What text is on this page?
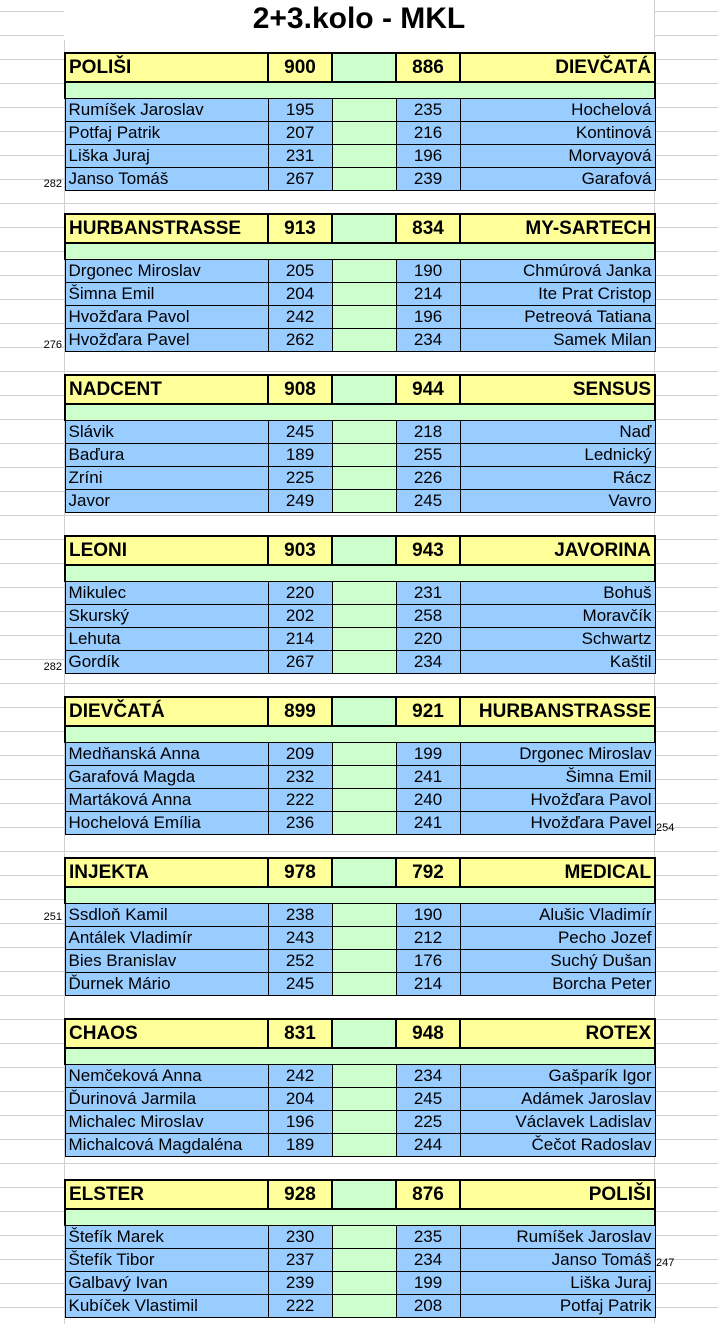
2+3.kolo - MKL
POLIŠI	900		886	DIEVČATÁ

Rumíšek Jaroslav	195		235	Hochelová
Potfaj Patrik	207		216	Kontinová
Liška Juraj	231		196	Morvayová
Janso Tomáš	267		239	Garafová
282
HURBANSTRASSE	913		834	MY-SARTECH

Drgonec Miroslav	205		190	Chmúrová Janka
Šimna Emil	204		214	Ite Prat Cristop
Hvožďara Pavol	242		196	Petreová Tatiana
Hvožďara Pavel	262		234	Samek Milan
276
NADCENT	908		944	SENSUS

Slávik	245		218	Naď
Baďura	189		255	Lednický
Zríni	225		226	Rácz
Javor	249		245	Vavro
LEONI	903		943	JAVORINA

Mikulec	220		231	Bohuš
Skurský	202		258	Moravčík
Lehuta	214		220	Schwartz
Gordík	267		234	Kaštil
282
DIEVČATÁ	899		921	HURBANSTRASSE

Medňanská Anna	209		199	Drgonec Miroslav
Garafová Magda	232		241	Šimna Emil
Martáková Anna	222		240	Hvožďara Pavol
Hochelová Emília	236		241	Hvožďara Pavel 254
INJEKTA	978		792	MEDICAL

Ssdloň Kamil	238		190	Alušic Vladimír
Antálek Vladimír	243		212	Pecho Jozef
Bies Branislav	252		176	Suchý Dušan
Ďurnek Mário	245		214	Borcha Peter
251
CHAOS	831		948	ROTEX

Nemčeková Anna	242		234	Gašparík Igor
Ďurinová Jarmila	204		245	Adámek Jaroslav
Michalec Miroslav	196		225	Václavek Ladislav
Michalcová Magdaléna	189		244	Čečot Radoslav
ELSTER	928		876	POLIŠI

Štefík Marek	230		235	Rumíšek Jaroslav
Štefík Tibor	237		234	Janso Tomáš
Galbavý Ivan	239		199	Liška Juraj
Kubíček Vlastimil	222		208	Potfaj Patrik
247
